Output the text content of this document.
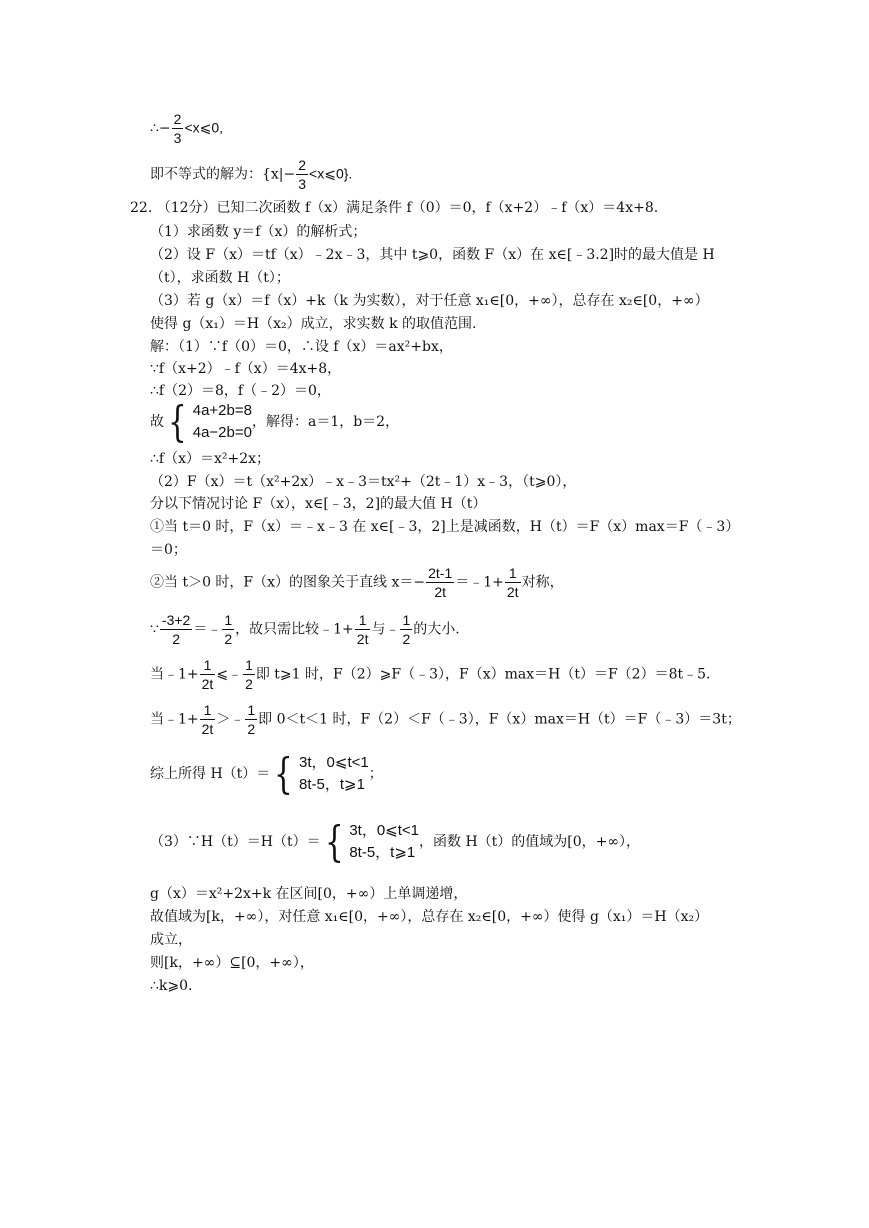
∴− $\frac{2}{3}$ <x⩽0,
即不等式的解为：{$x|- \frac{2}{3}$ <x⩽0}.
22. （12分）已知二次函数 f（x）满足条件 f（0）＝0，f（x+2）﹣f（x）＝4x+8.
（1）求函数 y＝f（x）的解析式；
（2）设 F（x）＝tf（x）﹣2x﹣3，其中 t⩾0，函数 F（x）在 x∈[﹣3.2]时的最大值是 H
（t），求函数 H（t）；
（3）若 g（x）＝f（x）+k（k 为实数），对于任意 x₁∈[0，+∞），总存在 x₂∈[0，+∞）
使得 g（x₁）＝H（x₂）成立，求实数 k 的取值范围.
解：（1）∵f（0）＝0，∴设 f（x）＝ax²+bx，
∵f（x+2）﹣f（x）＝4x+8，
∴f（2）＝8，f（﹣2）＝0，
故 { 4a+2b=8
4a−2b=0
，解得：a＝1，b＝2，
∴f（x）＝x²+2x；
（2）F（x）＝t（x²+2x）﹣x﹣3＝tx²+（2t﹣1）x﹣3，（t⩾0），
分以下情况讨论 F（x），x∈[﹣3，2]的最大值 H（t）
①当 t＝0 时，F（x）＝﹣x﹣3 在 x∈[﹣3，2]上是减函数，H（t）＝F（x）max＝F（﹣3）
＝0；
②当 t＞0 时，F（x）的图象关于直线 $x=- \frac{2t-1}{2t}$ ＝﹣1+ $\frac{1}{2t}$ 对称，
∵ $\frac{-3+2}{2}$ ＝﹣ $\frac{1}{2}$ ，故只需比较﹣1+ $\frac{1}{2t}$ 与﹣ $\frac{1}{2}$ 的大小.
当﹣1+ $\frac{1}{2t}$ ⩽﹣ $\frac{1}{2}$ 即 t⩾1 时，F（2）⩾F（﹣3），F（x）max＝H（t）＝F（2）＝8t﹣5.
当﹣1+ $\frac{1}{2t}$ ＞﹣ $\frac{1}{2}$ 即 0＜t＜1 时，F（2）＜F（﹣3），F（x）max＝H（t）＝F（﹣3）＝3t；
综上所得 H（t）＝ { 3t，0⩽t<1
8t-5，t⩾1
；
（3）∵H（t）＝H（t）＝ { 3t，0⩽t<1
8t-5，t⩾1
，函数 H（t）的值域为[0，+∞），
g（x）＝x²+2x+k 在区间[0，+∞）上单调递增，
故值域为[k，+∞），对任意 x₁∈[0，+∞），总存在 x₂∈[0，+∞）使得 g（x₁）＝H（x₂）
成立，
则[k，+∞）⊆[0，+∞），
∴k⩾0.
